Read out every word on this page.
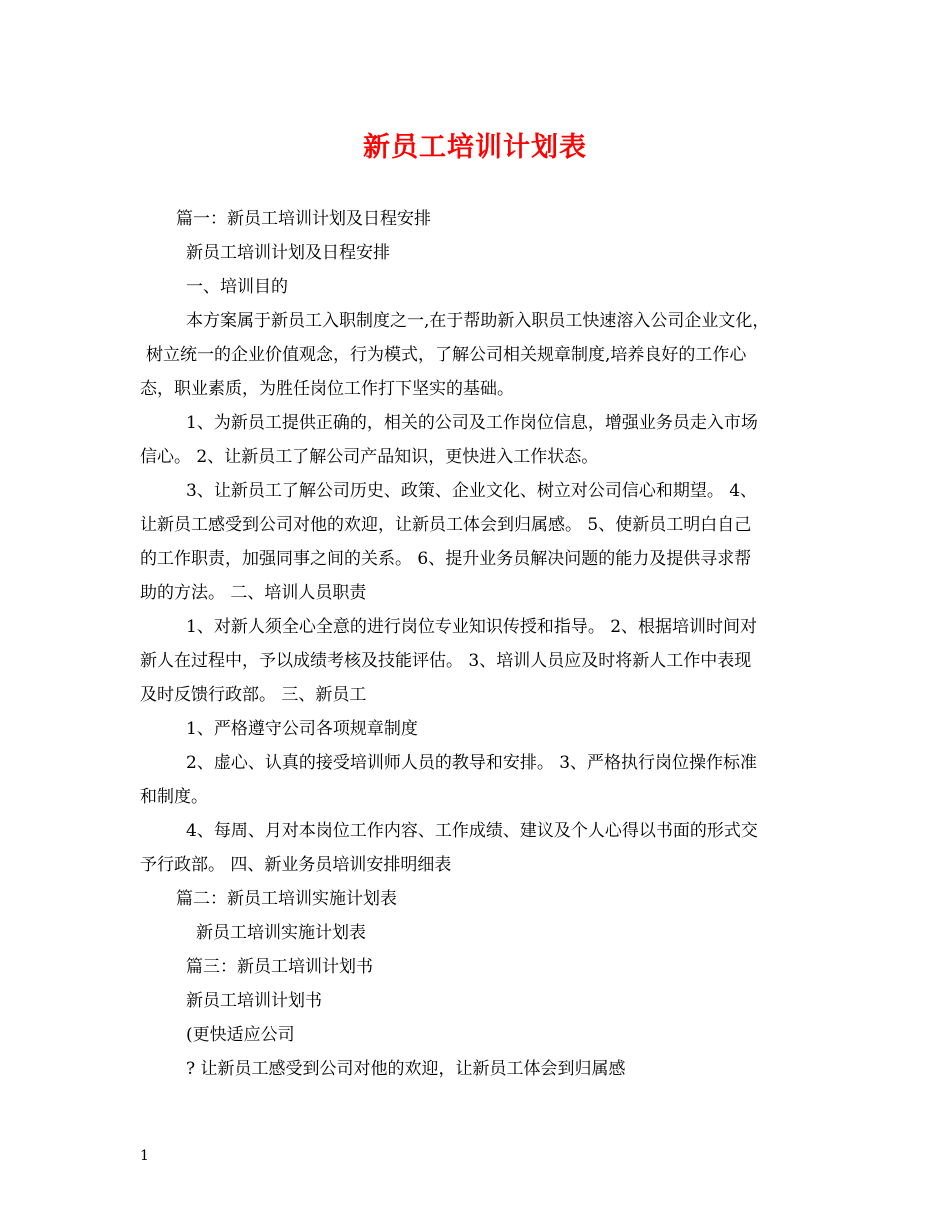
新员工培训计划表
篇一：新员工培训计划及日程安排
新员工培训计划及日程安排
一、培训目的
本方案属于新员工入职制度之一,在于帮助新入职员工快速溶入公司企业文化，
树立统一的企业价值观念，行为模式，了解公司相关规章制度,培养良好的工作心
态，职业素质，为胜任岗位工作打下坚实的基础。
1、为新员工提供正确的，相关的公司及工作岗位信息，增强业务员走入市场
信心。 2、让新员工了解公司产品知识，更快进入工作状态。
3、让新员工了解公司历史、政策、企业文化、树立对公司信心和期望。 4、
让新员工感受到公司对他的欢迎，让新员工体会到归属感。 5、使新员工明白自己
的工作职责，加强同事之间的关系。 6、提升业务员解决问题的能力及提供寻求帮
助的方法。 二、培训人员职责
1、对新人须全心全意的进行岗位专业知识传授和指导。 2、根据培训时间对
新人在过程中，予以成绩考核及技能评估。 3、培训人员应及时将新人工作中表现
及时反馈行政部。 三、新员工
1、严格遵守公司各项规章制度
2、虚心、认真的接受培训师人员的教导和安排。 3、严格执行岗位操作标准
和制度。
4、每周、月对本岗位工作内容、工作成绩、建议及个人心得以书面的形式交
予行政部。 四、新业务员培训安排明细表
篇二：新员工培训实施计划表
新员工培训实施计划表
篇三：新员工培训计划书
新员工培训计划书
(更快适应公司
? 让新员工感受到公司对他的欢迎，让新员工体会到归属感
1
